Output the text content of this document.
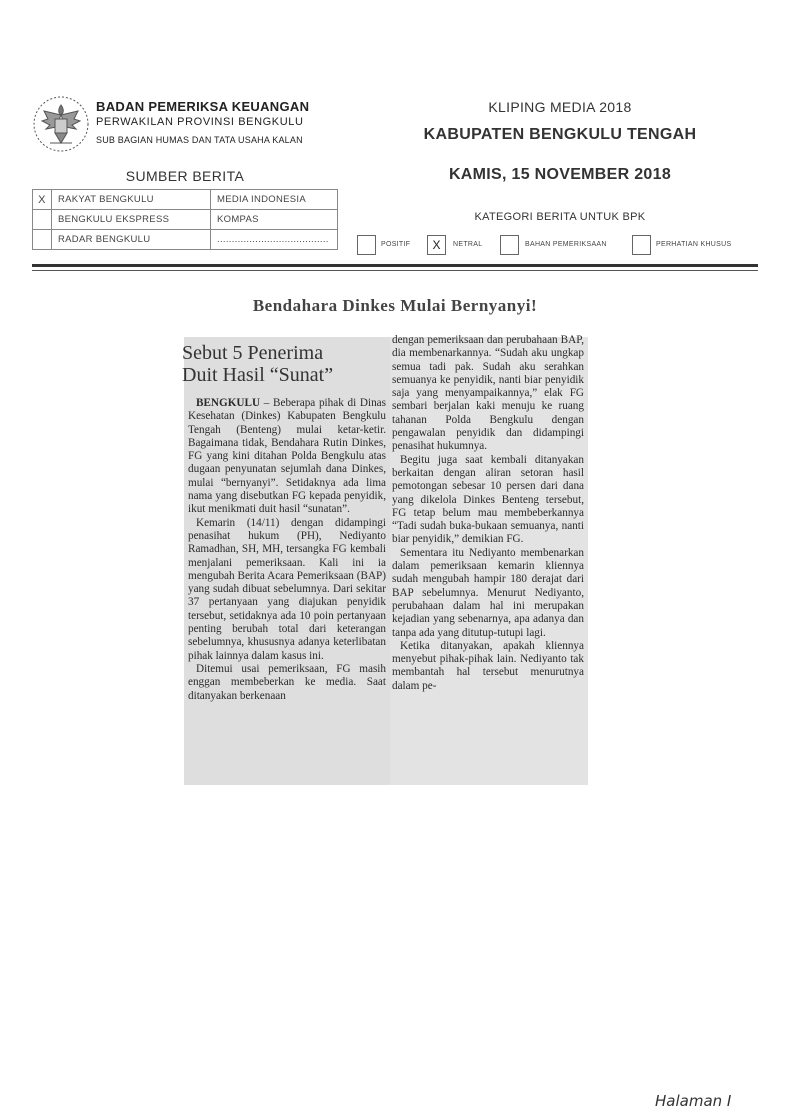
BADAN PEMERIKSA KEUANGAN
PERWAKILAN PROVINSI BENGKULU
SUB BAGIAN HUMAS DAN TATA USAHA KALAN
KLIPING MEDIA 2018
KABUPATEN BENGKULU TENGAH
KAMIS, 15 NOVEMBER 2018
SUMBER BERITA
X	RAKYAT BENGKULU	MEDIA INDONESIA
	BENGKULU EKSPRESS	KOMPAS
	RADAR BENGKULU	......................................
KATEGORI BERITA UNTUK BPK
POSITIF	X	NETRAL	BAHAN PEMERIKSAAN	PERHATIAN KHUSUS
Bendahara Dinkes Mulai Bernyanyi!
Sebut 5 Penerima
Duit Hasil “Sunat”

BENGKULU – Beberapa pihak di Dinas Kesehatan (Dinkes) Kabupaten Bengkulu Tengah (Benteng) mulai ketar-ketir. Bagaimana tidak, Bendahara Rutin Dinkes, FG yang kini ditahan Polda Bengkulu atas dugaan penyunatan sejumlah dana Dinkes, mulai “bernyanyi”. Setidaknya ada lima nama yang disebutkan FG kepada penyidik, ikut menikmati duit hasil “sunatan”.

Kemarin (14/11) dengan didampingi penasihat hukum (PH), Nediyanto Ramadhan, SH, MH, tersangka FG kembali menjalani pemeriksaan. Kali ini ia mengubah Berita Acara Pemeriksaan (BAP) yang sudah dibuat sebelumnya. Dari sekitar 37 pertanyaan yang diajukan penyidik tersebut, setidaknya ada 10 poin pertanyaan penting berubah total dari keterangan sebelumnya, khususnya adanya keterlibatan pihak lainnya dalam kasus ini.

Ditemui usai pemeriksaan, FG masih enggan membeberkan ke media. Saat ditanyakan berkenaan

dengan pemeriksaan dan perubahaan BAP, dia membenarkannya. “Sudah aku ungkap semua tadi pak. Sudah aku serahkan semuanya ke penyidik, nanti biar penyidik saja yang menyampaikannya,” elak FG sembari berjalan kaki menuju ke ruang tahanan Polda Bengkulu dengan pengawalan penyidik dan didampingi penasihat hukumnya.

Begitu juga saat kembali ditanyakan berkaitan dengan aliran setoran hasil pemotongan sebesar 10 persen dari dana yang dikelola Dinkes Benteng tersebut, FG tetap belum mau membeberkannya “Tadi sudah buka-bukaan semuanya, nanti biar penyidik,” demikian FG.

Sementara itu Nediyanto membenarkan dalam pemeriksaan kemarin kliennya sudah mengubah hampir 180 derajat dari BAP sebelumnya. Menurut Nediyanto, perubahaan dalam hal ini merupakan kejadian yang sebenarnya, apa adanya dan tanpa ada yang ditutup-tutupi lagi.

Ketika ditanyakan, apakah kliennya menyebut pihak-pihak lain. Nediyanto tak membantah hal tersebut menurutnya dalam pe-

Halaman I
